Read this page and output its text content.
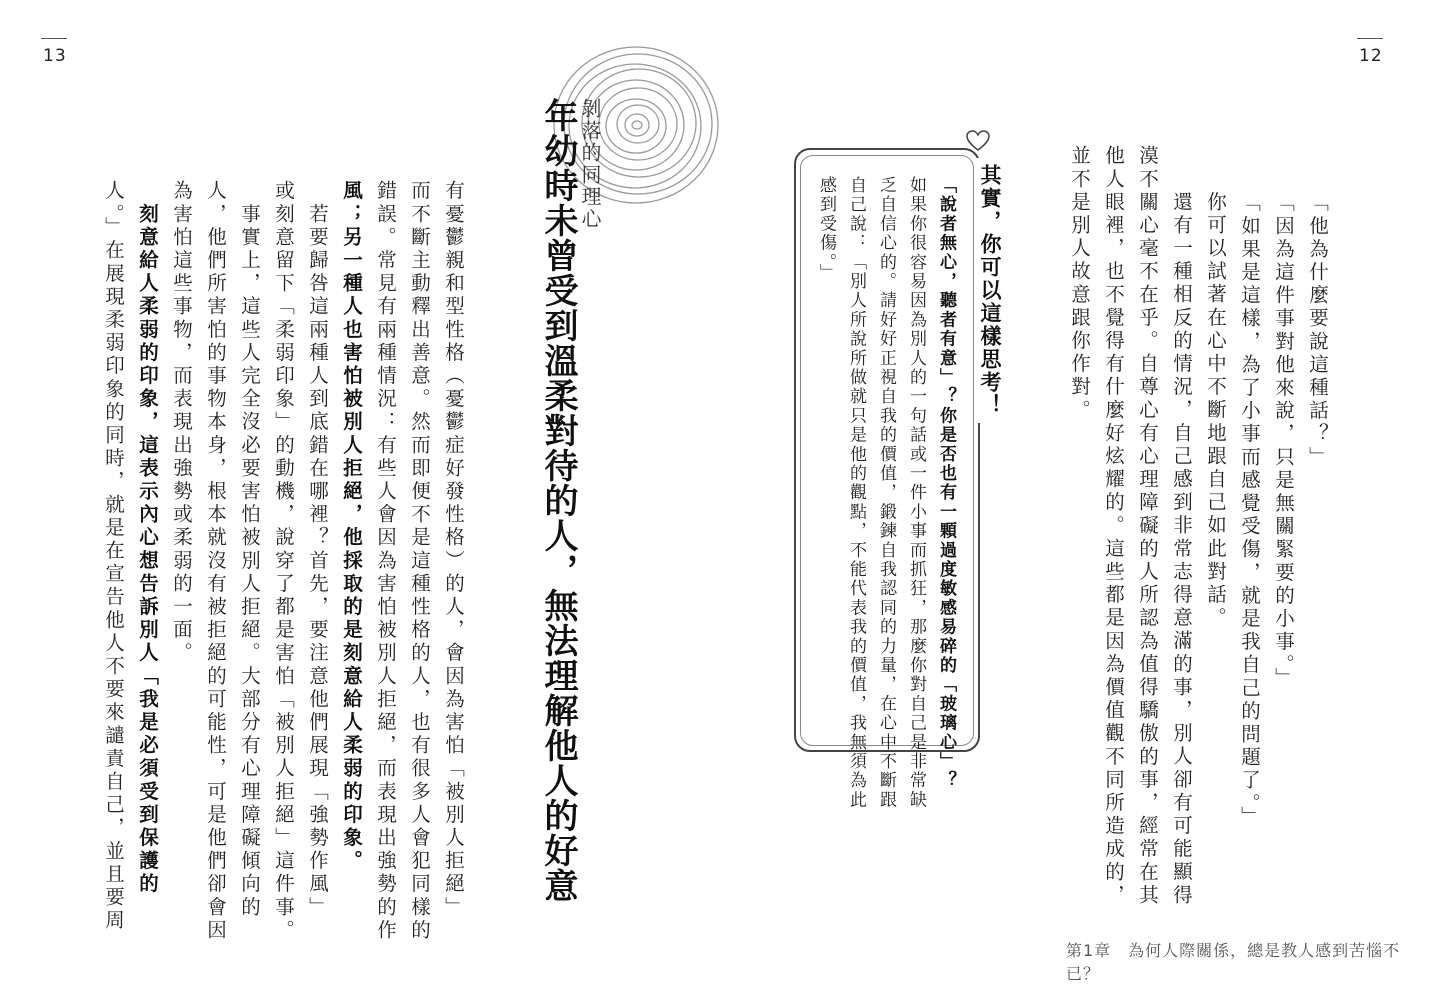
13	12
剝落的同理心
年幼時未曾受到溫柔對待的人，無法理解他人的好意
有憂鬱親和型性格（憂鬱症好發性格）的人，會因為害怕「被別人拒絕」
而不斷主動釋出善意。然而即便不是這種性格的人，也有很多人會犯同樣的
錯誤。常見有兩種情況：有些人會因為害怕被別人拒絕，而表現出強勢的作
風；另一種人也害怕被別人拒絕，他採取的是刻意給人柔弱的印象。
　若要歸咎這兩種人到底錯在哪裡？首先，要注意他們展現「強勢作風」
或刻意留下「柔弱印象」的動機，說穿了都是害怕「被別人拒絕」這件事。
　事實上，這些人完全沒必要害怕被別人拒絕。大部分有心理障礙傾向的
人，他們所害怕的事物本身，根本就沒有被拒絕的可能性，可是他們卻會因
為害怕這些事物，而表現出強勢或柔弱的一面。
　刻意給人柔弱的印象，這表示內心想告訴別人「我是必須受到保護的
人。」在展現柔弱印象的同時，就是在宣告他人不要來譴責自己，並且要周	「他為什麼要說這種話？」
「因為這件事對他來說，只是無關緊要的小事。」
「如果是這樣，為了小事而感覺受傷，就是我自己的問題了。」
　你可以試著在心中不斷地跟自己如此對話。
　還有一種相反的情況，自己感到非常志得意滿的事，別人卻有可能顯得
漠不關心毫不在乎。自尊心有心理障礙的人所認為值得驕傲的事，經常在其
他人眼裡，也不覺得有什麼好炫耀的。這些都是因為價值觀不同所造成的，
並不是別人故意跟你作對。
其實，你可以這樣思考！
「說者無心，聽者有意」？你是否也有一顆過度敏感易碎的「玻璃心」？
如果你很容易因為別人的一句話或一件小事而抓狂，那麼你對自己是非常缺
乏自信心的。請好好正視自我的價值，鍛鍊自我認同的力量，在心中不斷跟
自己說：「別人所說所做就只是他的觀點，不能代表我的價值，我無須為此
感到受傷。」
第1章　為何人際關係，總是教人感到苦惱不已？
